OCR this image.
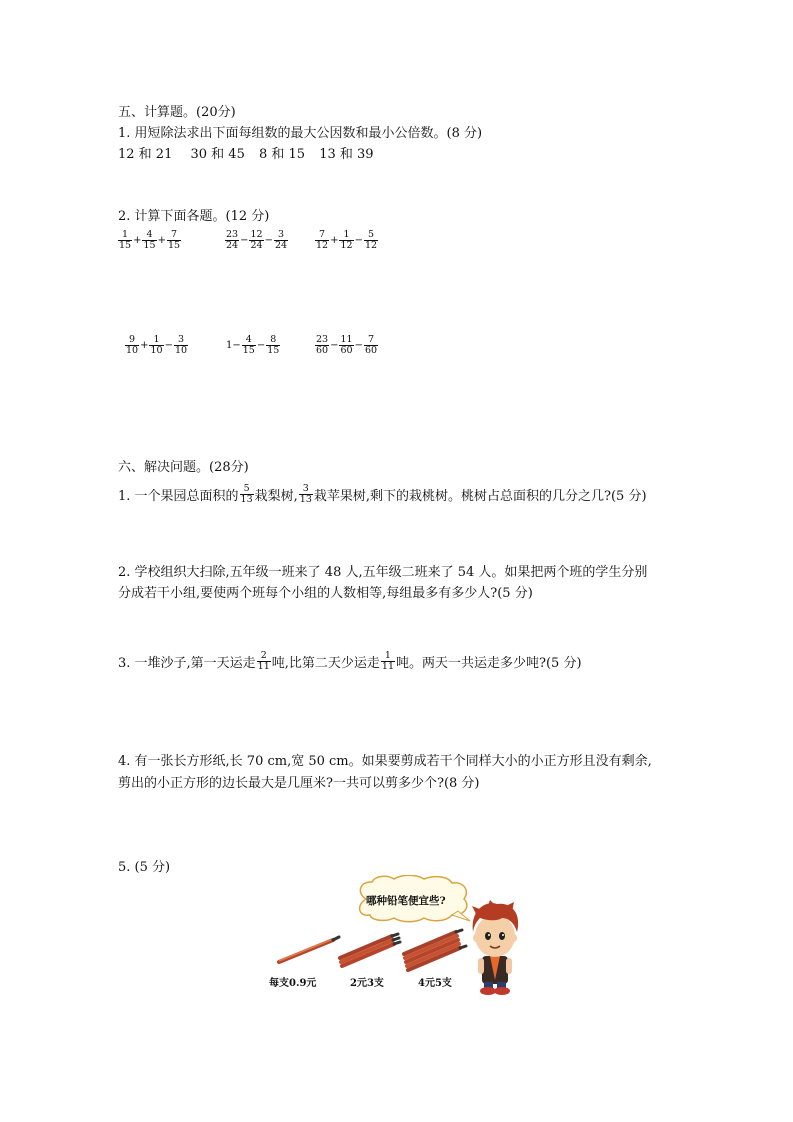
五、计算题。(20分)
1. 用短除法求出下面每组数的最大公因数和最小公倍数。(8 分)
12 和 21 30 和 45 8 和 15 13 和 39
2. 计算下面各题。(12 分)
$\frac{1}{15} + \frac{4}{15} + \frac{7}{15}$	$\frac{23}{24} - \frac{12}{24} - \frac{3}{24}$	$\frac{7}{12} + \frac{1}{12} - \frac{5}{12}$
$\frac{9}{10} + \frac{1}{10} - \frac{3}{10}$	$1 - \frac{4}{15} - \frac{8}{15}$	$\frac{23}{60} - \frac{11}{60} - \frac{7}{60}$
六、解决问题。(28分)
1. 一个果园总面积的 $\frac{5}{13}$ 栽梨树, $\frac{3}{13}$ 栽苹果树,剩下的栽桃树。桃树占总面积的几分之几?(5 分)
2. 学校组织大扫除,五年级一班来了 48 人,五年级二班来了 54 人。如果把两个班的学生分别
分成若干小组,要使两个班每个小组的人数相等,每组最多有多少人?(5 分)
3. 一堆沙子,第一天运走 $\frac{2}{11}$ 吨,比第二天少运走 $\frac{1}{11}$ 吨。两天一共运走多少吨?(5 分)
4. 有一张长方形纸,长 70 cm,宽 50 cm。如果要剪成若干个同样大小的小正方形且没有剩余,
剪出的小正方形的边长最大是几厘米?一共可以剪多少个?(8 分)
5. (5 分)
哪种铅笔便宜些?
每支0.9元	2元3支	4元5支
